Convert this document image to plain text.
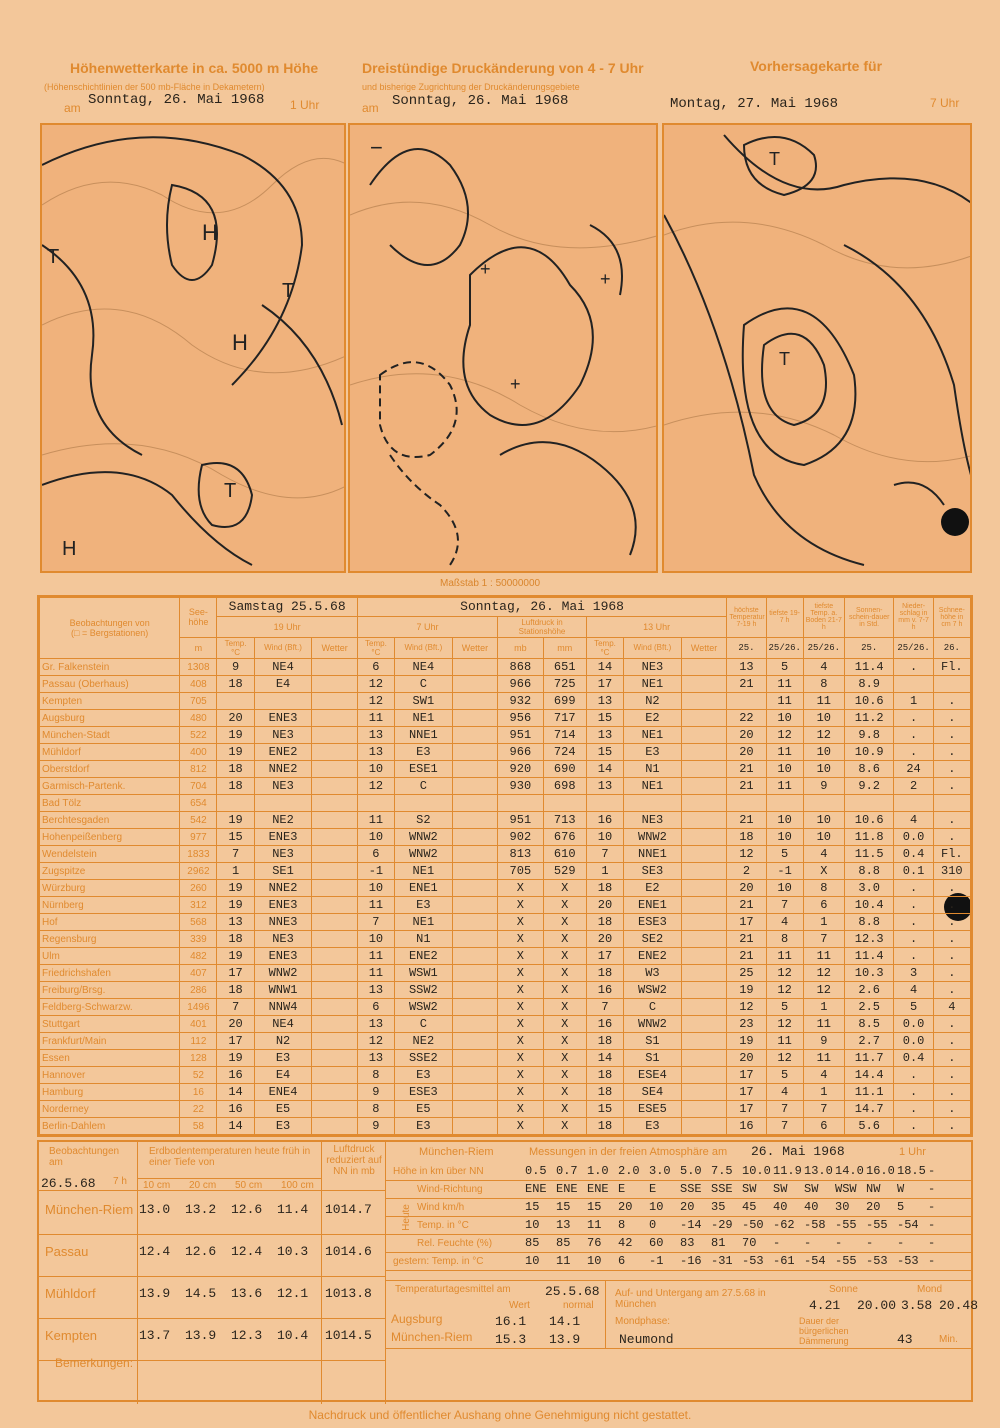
Höhenwetterkarte in ca. 5000 m Höhe
(Höhenschichtlinien der 500 mb-Fläche in Dekametern)
am Sonntag, 26. Mai 1968 1 Uhr
Dreistündige Druckänderung von 4 - 7 Uhr
und bisherige Zugrichtung der Druckänderungsgebiete
am Sonntag, 26. Mai 1968
Vorhersagekarte für
Montag, 27. Mai 1968	7 Uhr
H
H
T
T
T
H
−
+	+
+
T
T
Maßstab 1 : 50000000
Beobachtungen von
(□ = Bergstationen)	See-höhe	Samstag 25.5.68			Sonntag, 26. Mai 1968								höchste Temperatur 7-19 h	tiefste 19-7 h	tiefste Temp. a. Boden 21-7 h	Sonnen-schein-dauer in Std.	Nieder-schlag in mm v. 7-7 h	Schnee-höhe in cm 7 h
		19 Uhr			7 Uhr			Luftdruck in Stationshöhe		13 Uhr								
	m	Temp. °C	Wind (Bft.)	Wetter	Temp. °C	Wind (Bft.)	Wetter	mb	mm	Temp. °C	Wind (Bft.)	Wetter	25.	25/26.	25/26.	25.	25/26.	26.
Gr. Falkenstein	1308	9	NE4		6	NE4		868	651	14	NE3		13	5	4	11.4	.	Fl.
Passau (Oberhaus)	408	18	E4		12	C		966	725	17	NE1		21	11	8	8.9		
Kempten	705				12	SW1		932	699	13	N2			11	11	10.6	1	.
Augsburg	480	20	ENE3		11	NE1		956	717	15	E2		22	10	10	11.2	.	.
München-Stadt	522	19	NE3		13	NNE1		951	714	13	NE1		20	12	12	9.8	.	.
Mühldorf	400	19	ENE2		13	E3		966	724	15	E3		20	11	10	10.9	.	.
Oberstdorf	812	18	NNE2		10	ESE1		920	690	14	N1		21	10	10	8.6	24	.
Garmisch-Partenk.	704	18	NE3		12	C		930	698	13	NE1		21	11	9	9.2	2	.
Bad Tölz	654																	
Berchtesgaden	542	19	NE2		11	S2		951	713	16	NE3		21	10	10	10.6	4	.
Hohenpeißenberg	977	15	ENE3		10	WNW2		902	676	10	WNW2		18	10	10	11.8	0.0	.
Wendelstein	1833	7	NE3		6	WNW2		813	610	7	NNE1		12	5	4	11.5	0.4	Fl.
Zugspitze	2962	1	SE1		-1	NE1		705	529	1	SE3		2	-1	X	8.8	0.1	310
Würzburg	260	19	NNE2		10	ENE1		X	X	18	E2		20	10	8	3.0	.	.
Nürnberg	312	19	ENE3		11	E3		X	X	20	ENE1		21	7	6	10.4	.	.
Hof	568	13	NNE3		7	NE1		X	X	18	ESE3		17	4	1	8.8	.	.
Regensburg	339	18	NE3		10	N1		X	X	20	SE2		21	8	7	12.3	.	.
Ulm	482	19	ENE3		11	ENE2		X	X	17	ENE2		21	11	11	11.4	.	.
Friedrichshafen	407	17	WNW2		11	WSW1		X	X	18	W3		25	12	12	10.3	3	.
Freiburg/Brsg.	286	18	WNW1		13	SSW2		X	X	16	WSW2		19	12	12	2.6	4	.
Feldberg-Schwarzw.	1496	7	NNW4		6	WSW2		X	X	7	C		12	5	1	2.5	5	4
Stuttgart	401	20	NE4		13	C		X	X	16	WNW2		23	12	11	8.5	0.0	.
Frankfurt/Main	112	17	N2		12	NE2		X	X	18	S1		19	11	9	2.7	0.0	.
Essen	128	19	E3		13	SSE2		X	X	14	S1		20	12	11	11.7	0.4	.
Hannover	52	16	E4		8	E3		X	X	18	ESE4		17	5	4	14.4	.	.
Hamburg	16	14	ENE4		9	ESE3		X	X	18	SE4		17	4	1	11.1	.	.
Norderney	22	16	E5		8	E5		X	X	15	ESE5		17	7	7	14.7	.	.
Berlin-Dahlem	58	14	E3		9	E3		X	X	18	E3		16	7	6	5.6	.	.
Beobachtungen am
26.5.68 7 h
Erdbodentemperaturen heute früh in einer Tiefe von
Luftdruck reduziert auf NN in mb
München-Riem	Messungen in der freien Atmosphäre am 26. Mai 1968	1 Uhr
Temperaturtagesmittel am	25.5.68
Wert	normal
Augsburg	16.1 14.1
München-Riem 15.3 13.9
Auf- und Untergang am 27.5.68 in München
Sonne	Mond
4.21 20.00 3.58 20.48
Mondphase:
Neumond
Dauer der bürgerlichen Dämmerung	43	Min.
Bemerkungen:
10 cm 20 cm 50 cm 100 cm
München-Riem 13.0 13.2 12.6 11.4 1014.7
Passau	12.4 12.6 12.4 10.3 1014.6
Mühldorf	13.9 14.5 13.6 12.1 1013.8
Kempten	13.7 13.9 12.3 10.4 1014.5
Höhe in km über NN	0.5 0.7 1.0 2.0 3.0 5.0 7.5 10.0 11.9 13.0 14.0 16.0 18.5 -
Wind-Richtung	ENE ENE ENE E E SSE SSE SW SW SW WSW NW W -
Wind km/h	15 15 15 20 10 20 35 45 40 40 30 20 5 -
Temp. in °C	10 13 11 8 0 -14 -29 -50 -62 -58 -55 -55 -54 -
Rel. Feuchte (%)	85 85 76 42 60 83 81 70 - - - - - -
gestern: Temp. in °C	10 11 10 6 -1 -16 -31 -53 -61 -54 -55 -53 -53 -
Heute
Nachdruck und öffentlicher Aushang ohne Genehmigung nicht gestattet.
